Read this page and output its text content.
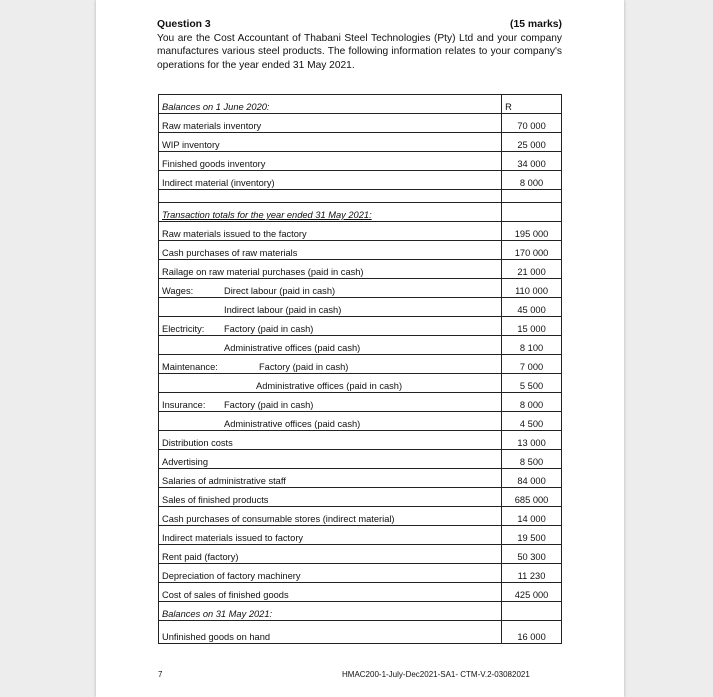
Question 3	(15 marks)
You are the Cost Accountant of Thabani Steel Technologies (Pty) Ltd and your company manufactures various steel products. The following information relates to your company's operations for the year ended 31 May 2021.
Balances on 1 June 2020:	R
Raw materials inventory	70 000
WIP inventory	25 000
Finished goods inventory	34 000
Indirect material (inventory)	8 000

Transaction totals for the year ended 31 May 2021:	
Raw materials issued to the factory	195 000
Cash purchases of raw materials	170 000
Railage on raw material purchases (paid in cash)	21 000
Wages: Direct labour (paid in cash)	110 000
Indirect labour (paid in cash)	45 000
Electricity: Factory (paid in cash)	15 000
Administrative offices (paid cash)	8 100
Maintenance: Factory (paid in cash)	7 000
Administrative offices (paid in cash)	5 500
Insurance: Factory (paid in cash)	8 000
Administrative offices (paid cash)	4 500
Distribution costs	13 000
Advertising	8 500
Salaries of administrative staff	84 000
Sales of finished products	685 000
Cash purchases of consumable stores (indirect material)	14 000
Indirect materials issued to factory	19 500
Rent paid (factory)	50 300
Depreciation of factory machinery	11 230
Cost of sales of finished goods	425 000
Balances on 31 May 2021:	
Unfinished goods on hand	16 000
7	HMAC200-1-July-Dec2021-SA1- CTM-V.2-03082021
